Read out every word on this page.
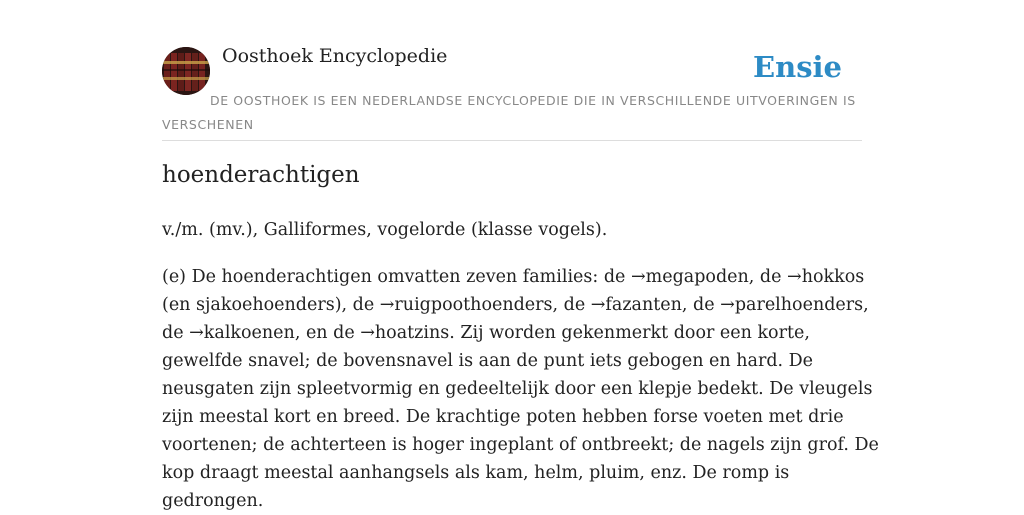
Oosthoek Encyclopedie	Ensie
DE OOSTHOEK IS EEN NEDERLANDSE ENCYCLOPEDIE DIE IN VERSCHILLENDE UITVOERINGEN IS VERSCHENEN
hoenderachtigen
v./m. (mv.), Galliformes, vogelorde (klasse vogels).
(e) De hoenderachtigen omvatten zeven families: de →megapoden, de →hokkos (en sjakoehoenders), de →ruigpoothoenders, de →fazanten, de →parelhoenders, de →kalkoenen, en de →hoatzins. Zij worden gekenmerkt door een korte, gewelfde snavel; de bovensnavel is aan de punt iets gebogen en hard. De neusgaten zijn spleetvormig en gedeeltelijk door een klepje bedekt. De vleugels zijn meestal kort en breed. De krachtige poten hebben forse voeten met drie voortenen; de achterteen is hoger ingeplant of ontbreekt; de nagels zijn grof. De kop draagt meestal aanhangsels als kam, helm, pluim, enz. De romp is gedrongen.
